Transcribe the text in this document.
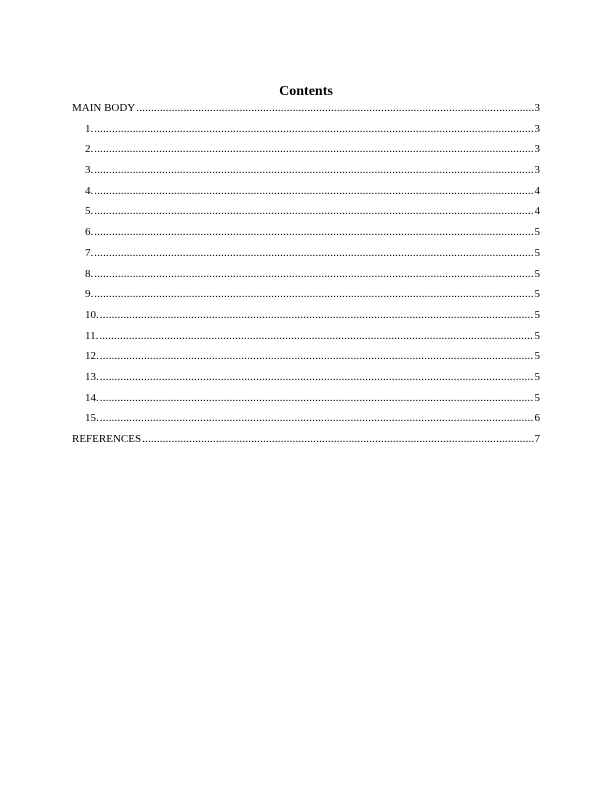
Contents
MAIN BODY .....	3
1. .....	3
2. .....	3
3. .....	3
4. .....	4
5. .....	4
6. .....	5
7. .....	5
8. .....	5
9. .....	5
10. .....	5
11. .....	5
12. .....	5
13. .....	5
14. .....	5
15. .....	6
REFERENCES .....	7
